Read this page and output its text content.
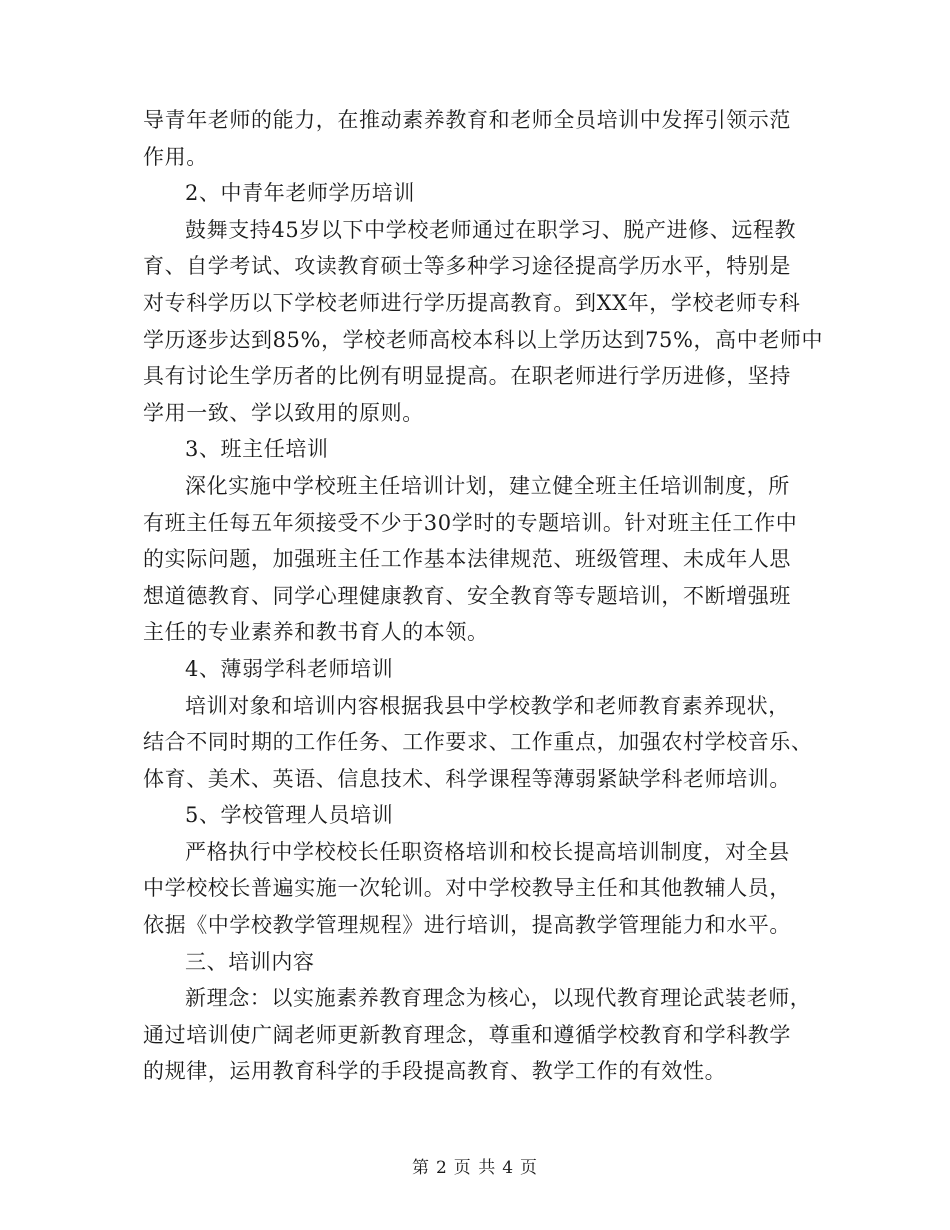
导青年老师的能力，在推动素养教育和老师全员培训中发挥引领示范
作用。
2、中青年老师学历培训
鼓舞支持45岁以下中学校老师通过在职学习、脱产进修、远程教
育、自学考试、攻读教育硕士等多种学习途径提高学历水平，特别是
对专科学历以下学校老师进行学历提高教育。到XX年，学校老师专科
学历逐步达到85%，学校老师高校本科以上学历达到75%，高中老师中
具有讨论生学历者的比例有明显提高。在职老师进行学历进修，坚持
学用一致、学以致用的原则。
3、班主任培训
深化实施中学校班主任培训计划，建立健全班主任培训制度，所
有班主任每五年须接受不少于30学时的专题培训。针对班主任工作中
的实际问题，加强班主任工作基本法律规范、班级管理、未成年人思
想道德教育、同学心理健康教育、安全教育等专题培训，不断增强班
主任的专业素养和教书育人的本领。
4、薄弱学科老师培训
培训对象和培训内容根据我县中学校教学和老师教育素养现状，
结合不同时期的工作任务、工作要求、工作重点，加强农村学校音乐、
体育、美术、英语、信息技术、科学课程等薄弱紧缺学科老师培训。
5、学校管理人员培训
严格执行中学校校长任职资格培训和校长提高培训制度，对全县
中学校校长普遍实施一次轮训。对中学校教导主任和其他教辅人员，
依据《中学校教学管理规程》进行培训，提高教学管理能力和水平。
三、培训内容
新理念：以实施素养教育理念为核心，以现代教育理论武装老师，
通过培训使广阔老师更新教育理念，尊重和遵循学校教育和学科教学
的规律，运用教育科学的手段提高教育、教学工作的有效性。
第 2 页 共 4 页
